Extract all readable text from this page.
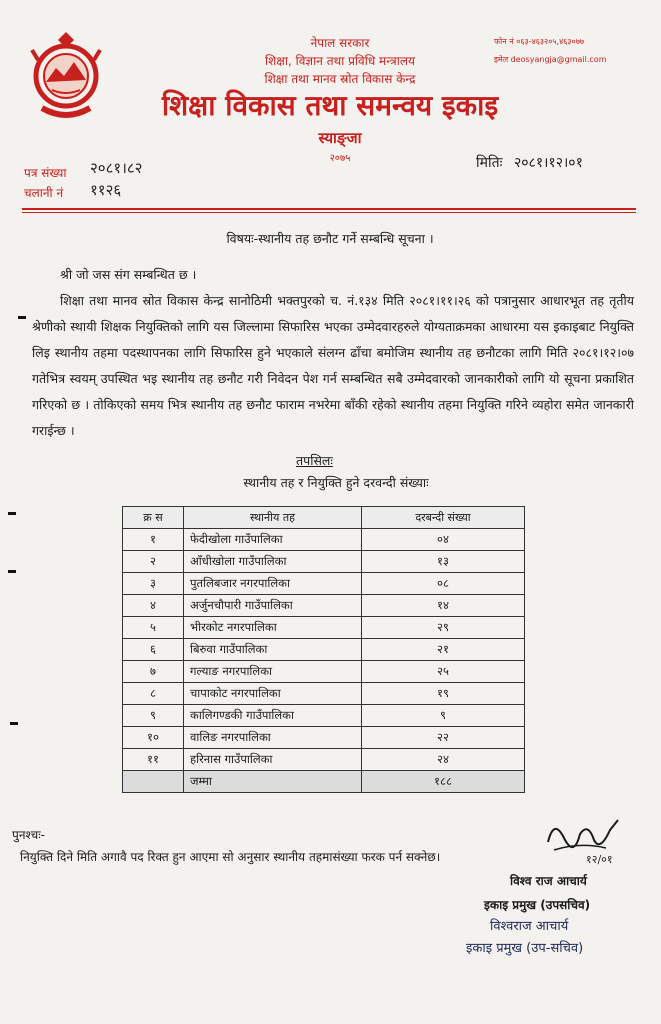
नेपाल सरकार
शिक्षा, विज्ञान तथा प्रविधि मन्त्रालय
शिक्षा तथा मानव स्रोत विकास केन्द्र
शिक्षा विकास तथा समन्वय इकाइ
स्याङ्जा
२०७५
फोन नं ०६३-४६३२०५,४६३०७७
इमेल deosyangja@gmail.com
पत्र संख्या २०८१।८२
चलानी नं ११२६
मितिः २०८१।१२।०१
विषयः-स्थानीय तह छनौट गर्ने सम्बन्धि सूचना ।
श्री जो जस संग सम्बन्धित छ ।
शिक्षा तथा मानव स्रोत विकास केन्द्र सानोठिमी भक्तपुरको च. नं.१३४ मिति २०८१।११।२६ को पत्रानुसार आधारभूत तह तृतीय श्रेणीको स्थायी शिक्षक नियुक्तिको लागि यस जिल्लामा सिफारिस भएका उम्मेदवारहरुले योग्यताक्रमका आधारमा यस इकाइबाट नियुक्ति लिइ स्थानीय तहमा पदस्थापनका लागि सिफारिस हुने भएकाले संलग्न ढाँचा बमोजिम स्थानीय तह छनौटका लागि मिति २०८१।१२।०७ गतेभित्र स्वयम् उपस्थित भइ स्थानीय तह छनौट गरी निवेदन पेश गर्न सम्बन्धित सबै उम्मेदवारको जानकारीको लागि यो सूचना प्रकाशित गरिएको छ । तोकिएको समय भित्र स्थानीय तह छनौट फाराम नभरेमा बाँकी रहेको स्थानीय तहमा नियुक्ति गरिने व्यहोरा समेत जानकारी गराईन्छ ।
तपसिलः
स्थानीय तह र नियुक्ति हुने दरवन्दी संख्याः
क्र स	स्थानीय तह	दरबन्दी संख्या
१	फेदीखोला गाउँपालिका	०४
२	आँधीखोला गाउँपालिका	१३
३	पुतलिबजार नगरपालिका	०८
४	अर्जुनचौपारी गाउँपालिका	१४
५	भीरकोट नगरपालिका	२९
६	बिरुवा गाउँपालिका	२१
७	गल्याङ नगरपालिका	२५
८	चापाकोट नगरपालिका	१९
९	कालिगण्डकी गाउँपालिका	९
१०	वालिङ नगरपालिका	२२
११	हरिनास गाउँपालिका	२४
	जम्मा	१८८
पुनश्चः-
नियुक्ति दिने मिति अगावै पद रिक्त हुन आएमा सो अनुसार स्थानीय तहमासंख्या फरक पर्न सक्नेछ।	१२/०१
विश्व राज आचार्य
इकाइ प्रमुख (उपसचिव)
विश्वराज आचार्य
इकाइ प्रमुख (उप-सचिव)
